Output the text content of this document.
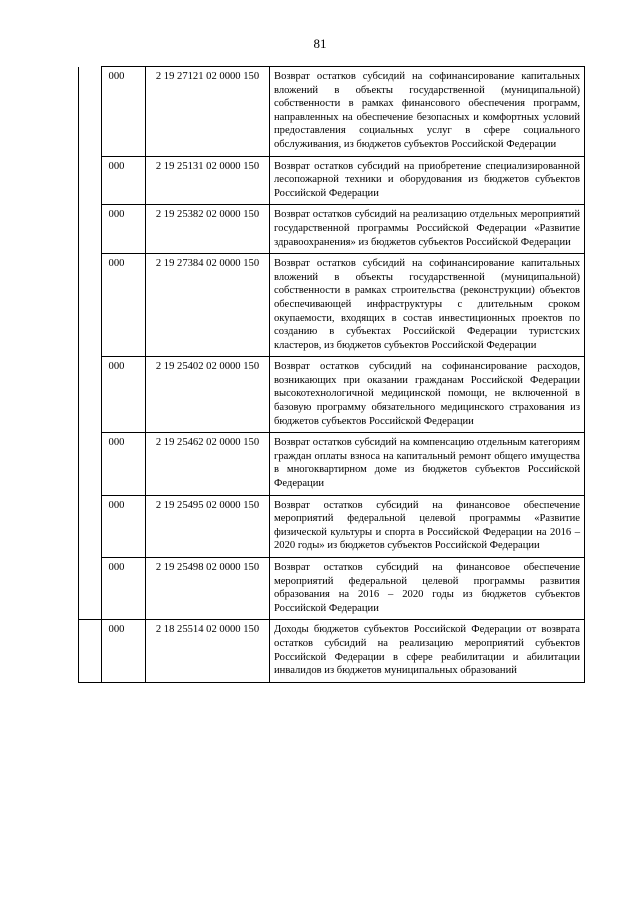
81
	000	2 19 27121 02 0000 150	Возврат остатков субсидий на софинансирование капитальных вложений в объекты государственной (муниципальной) собственности в рамках финансового обеспечения программ, направленных на обеспечение безопасных и комфортных условий предоставления социальных услуг в сфере социального обслуживания, из бюджетов субъектов Российской Федерации
	000	2 19 25131 02 0000 150	Возврат остатков субсидий на приобретение специализированной лесопожарной техники и оборудования из бюджетов субъектов Российской Федерации
	000	2 19 25382 02 0000 150	Возврат остатков субсидий на реализацию отдельных мероприятий государственной программы Российской Федерации «Развитие здравоохранения» из бюджетов субъектов Российской Федерации
	000	2 19 27384 02 0000 150	Возврат остатков субсидий на софинансирование капитальных вложений в объекты государственной (муниципальной) собственности в рамках строительства (реконструкции) объектов обеспечивающей инфраструктуры с длительным сроком окупаемости, входящих в состав инвестиционных проектов по созданию в субъектах Российской Федерации туристских кластеров, из бюджетов субъектов Российской Федерации
	000	2 19 25402 02 0000 150	Возврат остатков субсидий на софинансирование расходов, возникающих при оказании гражданам Российской Федерации высокотехнологичной медицинской помощи, не включенной в базовую программу обязательного медицинского страхования из бюджетов субъектов Российской Федерации
	000	2 19 25462 02 0000 150	Возврат остатков субсидий на компенсацию отдельным категориям граждан оплаты взноса на капитальный ремонт общего имущества в многоквартирном доме из бюджетов субъектов Российской Федерации
	000	2 19 25495 02 0000 150	Возврат остатков субсидий на финансовое обеспечение мероприятий федеральной целевой программы «Развитие физической культуры и спорта в Российской Федерации на 2016 – 2020 годы» из бюджетов субъектов Российской Федерации
	000	2 19 25498 02 0000 150	Возврат остатков субсидий на финансовое обеспечение мероприятий федеральной целевой программы развития образования на 2016 – 2020 годы из бюджетов субъектов Российской Федерации
	000	2 18 25514 02 0000 150	Доходы бюджетов субъектов Российской Федерации от возврата остатков субсидий на реализацию мероприятий субъектов Российской Федерации в сфере реабилитации и абилитации инвалидов из бюджетов муниципальных образований
